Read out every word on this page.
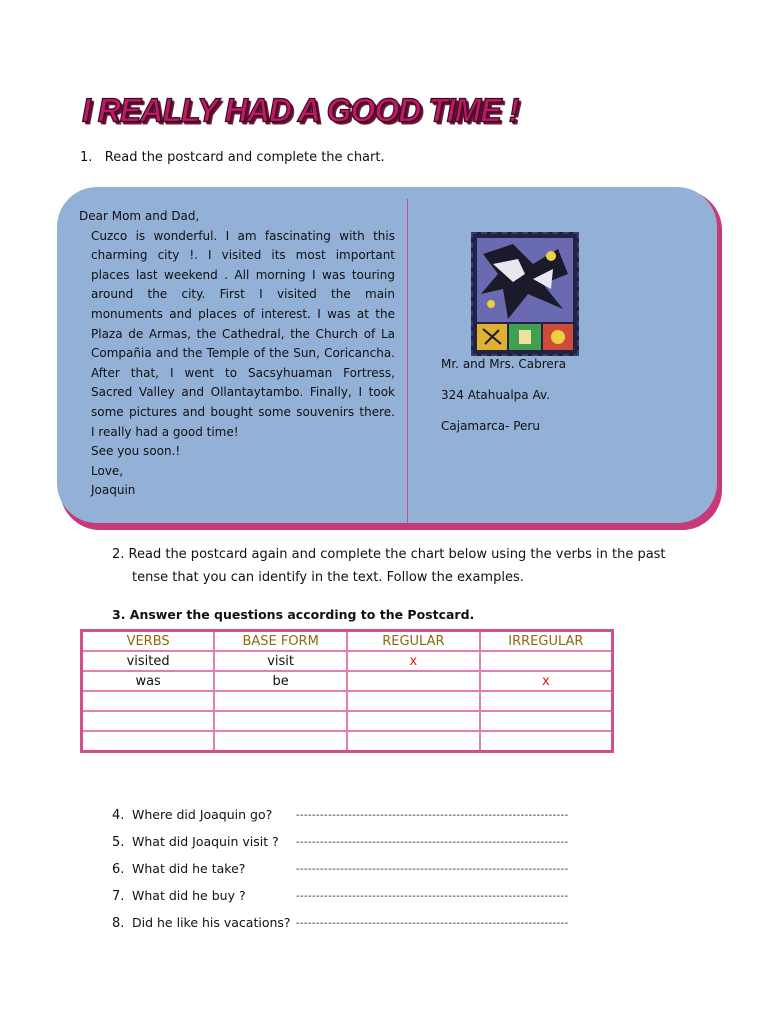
I REALLY HAD A GOOD TIME !
1.   Read the postcard and complete the chart.
Dear Mom and Dad,
Cuzco is wonderful. I am fascinating with this
charming city !. I visited its most important
places last weekend . All morning I was touring
around the city. First I visited the main
monuments and places of interest. I was at the
Plaza de Armas, the Cathedral, the Church of La
Compañia and the Temple of the Sun, Coricancha.
After that, I went to Sacsyhuaman Fortress,
Sacred Valley and Ollantaytambo. Finally, I took
some pictures and bought some souvenirs there.
I really had a good time!
See you soon.!
Love,
Joaquin
Mr. and Mrs. Cabrera
324 Atahualpa Av.
Cajamarca- Peru
2. Read the postcard again and complete the chart below using the verbs in the past
tense that you can identify in the text. Follow the examples.
3. Answer the questions according to the Postcard.
VERBS	BASE FORM	REGULAR	IRREGULAR
visited	visit	x	
was	be		x

4. Where did Joaquin go? --------------------------------------------------------------------
5. What did Joaquin visit ? --------------------------------------------------------------------
6. What did he take?	--------------------------------------------------------------------
7. What did he buy ?	--------------------------------------------------------------------
8. Did he like his vacations? --------------------------------------------------------------------
